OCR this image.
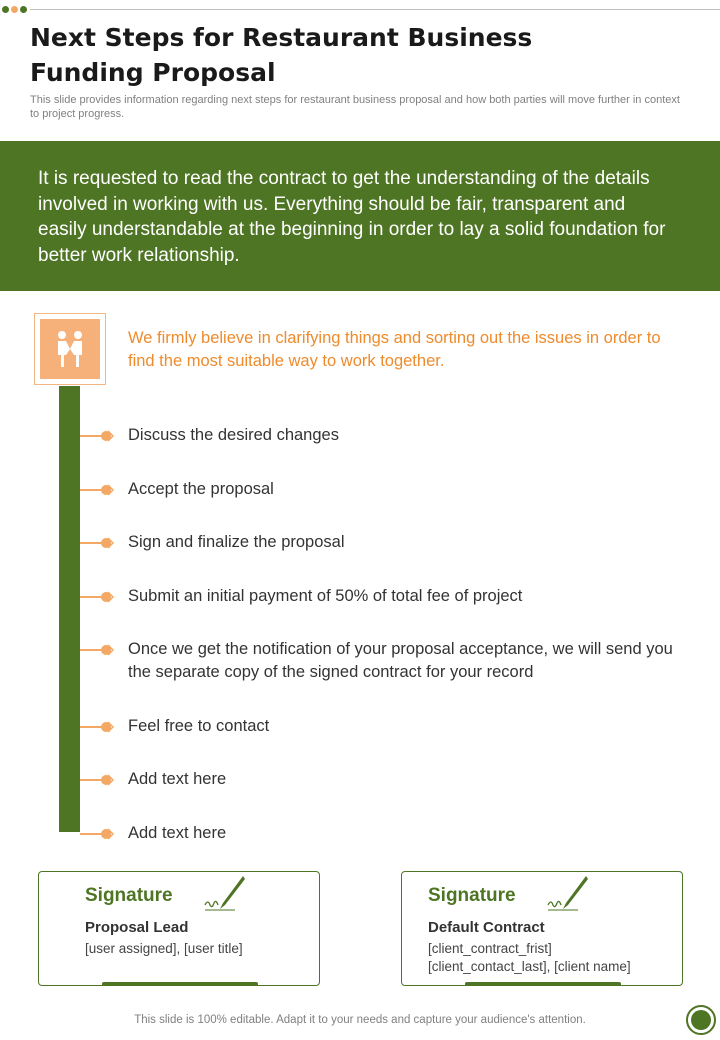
Next Steps for Restaurant Business Funding Proposal
This slide provides information regarding next steps for restaurant business proposal and how both parties will move further in context to project progress.
It is requested to read the contract to get the understanding of the details involved in working with us. Everything should be fair, transparent and easily understandable at the beginning in order to lay a solid foundation for better work relationship.
We firmly believe in clarifying things and sorting out the issues in order to find the most suitable way to work together.
Discuss the desired changes
Accept the proposal
Sign and finalize the proposal
Submit an initial payment of 50% of total fee of project
Once we get the notification of your proposal acceptance, we will send you the separate copy of the signed contract for your record
Feel free to contact
Add text here
Add text here
Signature
Proposal Lead
[user assigned], [user title]
Signature
Default Contract
[client_contract_frist]
[client_contact_last], [client name]
This slide is 100% editable. Adapt it to your needs and capture your audience's attention.
